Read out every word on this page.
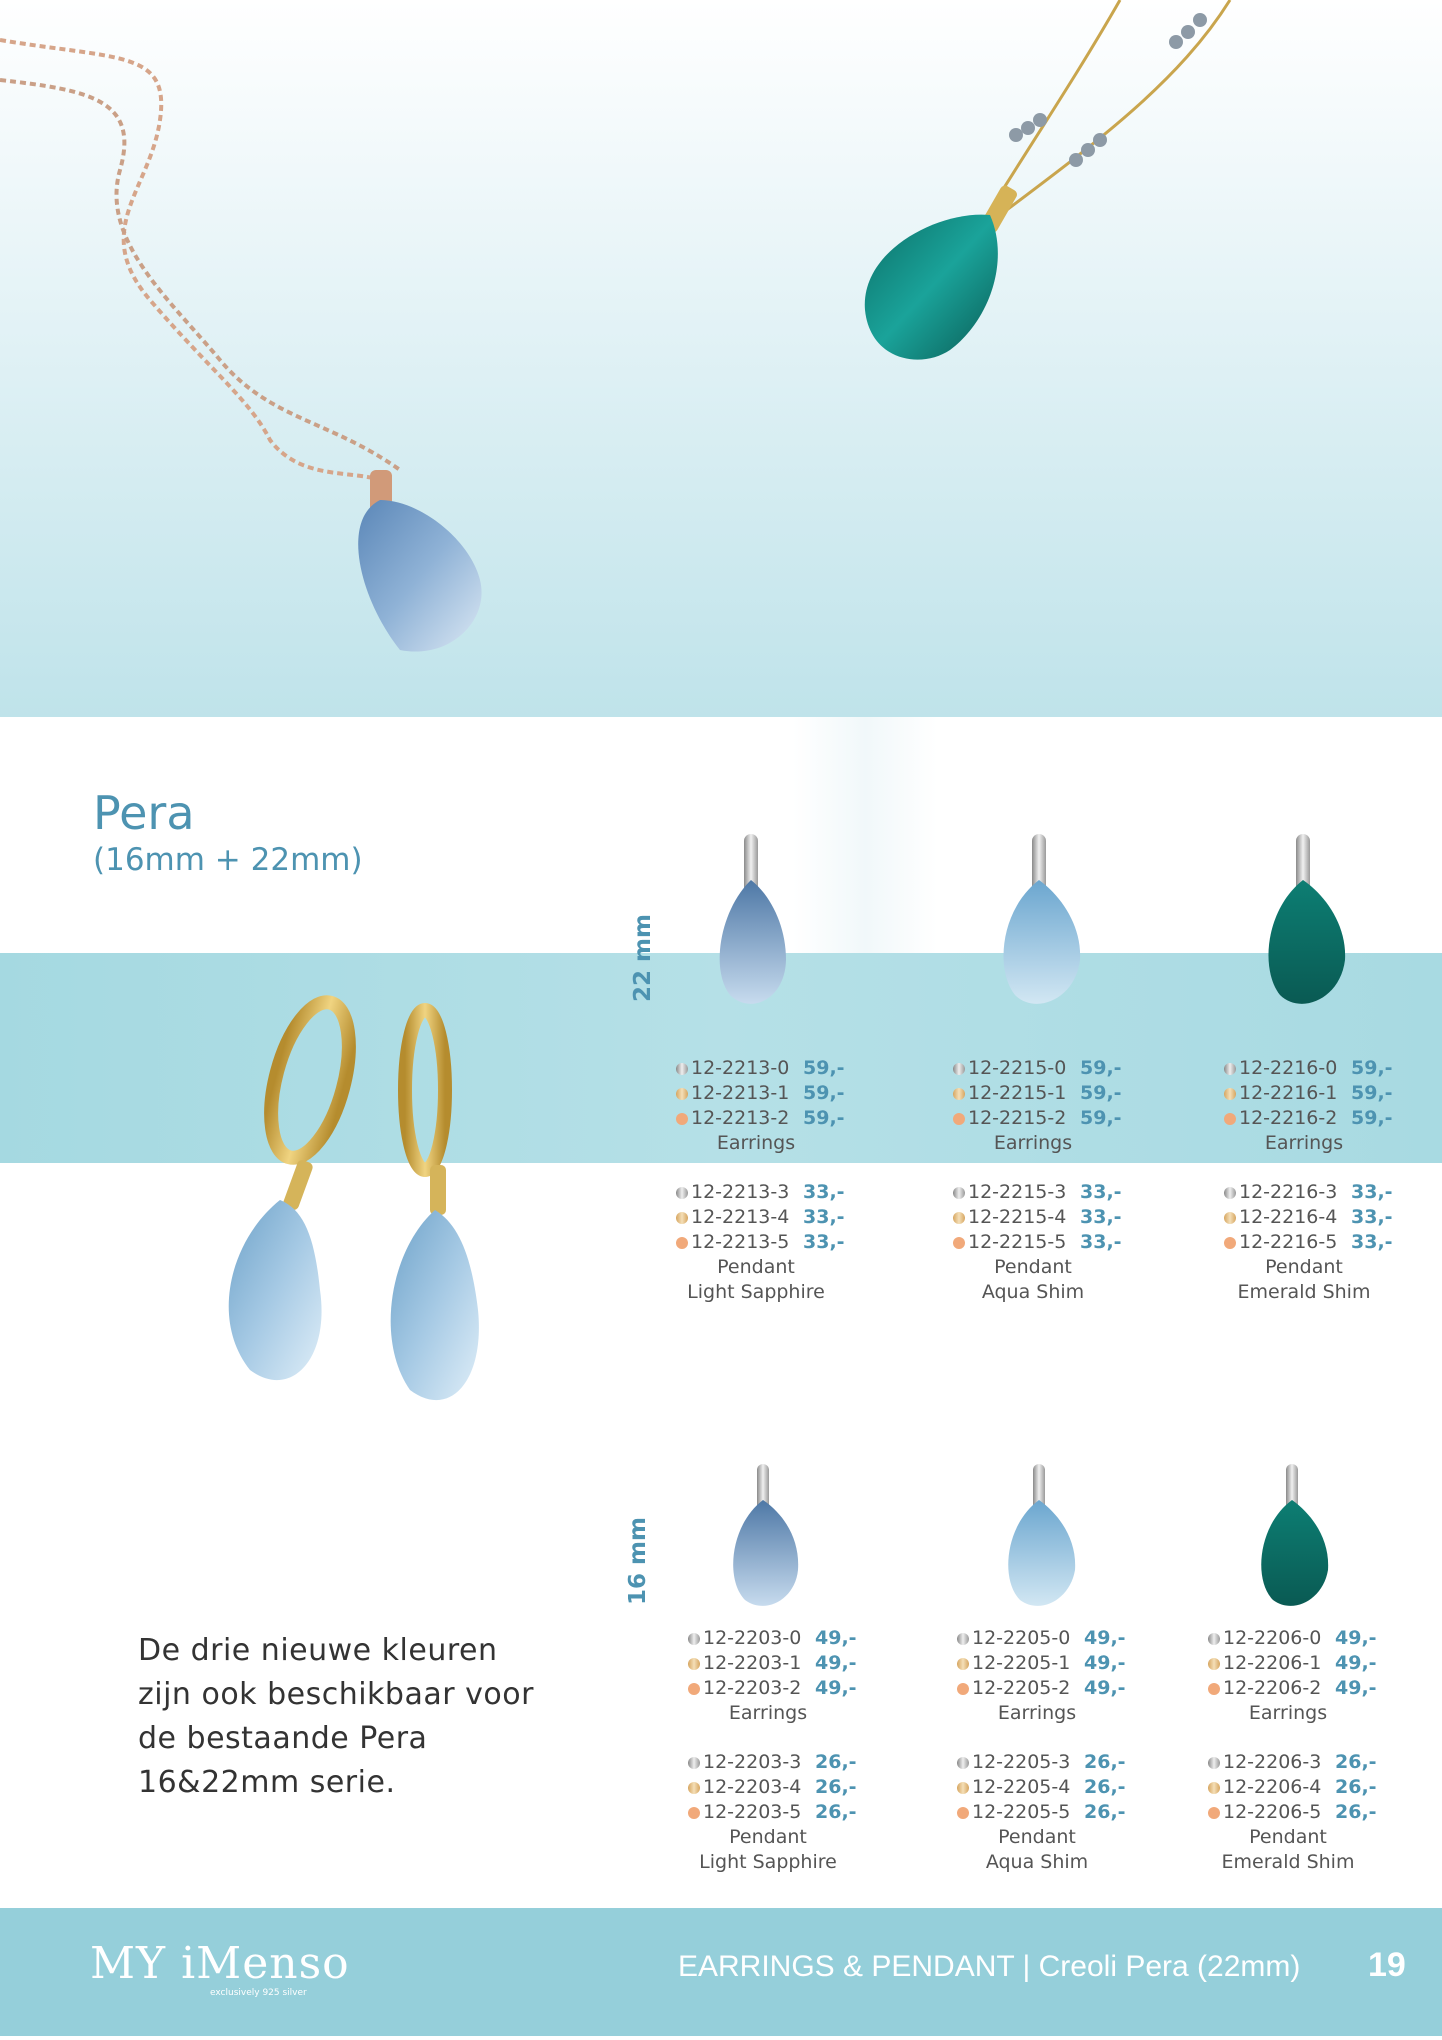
Pera
(16mm + 22mm)
22 mm
16 mm
12-2213-0 59,-
12-2213-1 59,-
12-2213-2 59,-
Earrings
12-2213-3 33,-
12-2213-4 33,-
12-2213-5 33,-
Pendant
Light Sapphire
12-2215-0 59,-
12-2215-1 59,-
12-2215-2 59,-
Earrings
12-2215-3 33,-
12-2215-4 33,-
12-2215-5 33,-
Pendant
Aqua Shim
12-2216-0 59,-
12-2216-1 59,-
12-2216-2 59,-
Earrings
12-2216-3 33,-
12-2216-4 33,-
12-2216-5 33,-
Pendant
Emerald Shim
12-2203-0 49,-
12-2203-1 49,-
12-2203-2 49,-
Earrings
12-2203-3 26,-
12-2203-4 26,-
12-2203-5 26,-
Pendant
Light Sapphire
12-2205-0 49,-
12-2205-1 49,-
12-2205-2 49,-
Earrings
12-2205-3 26,-
12-2205-4 26,-
12-2205-5 26,-
Pendant
Aqua Shim
12-2206-0 49,-
12-2206-1 49,-
12-2206-2 49,-
Earrings
12-2206-3 26,-
12-2206-4 26,-
12-2206-5 26,-
Pendant
Emerald Shim
De drie nieuwe kleuren zijn ook beschikbaar voor de bestaande Pera 16&22mm serie.
MY iMenso
exclusively 925 silver
EARRINGS & PENDANT | Creoli Pera (22mm) 19
